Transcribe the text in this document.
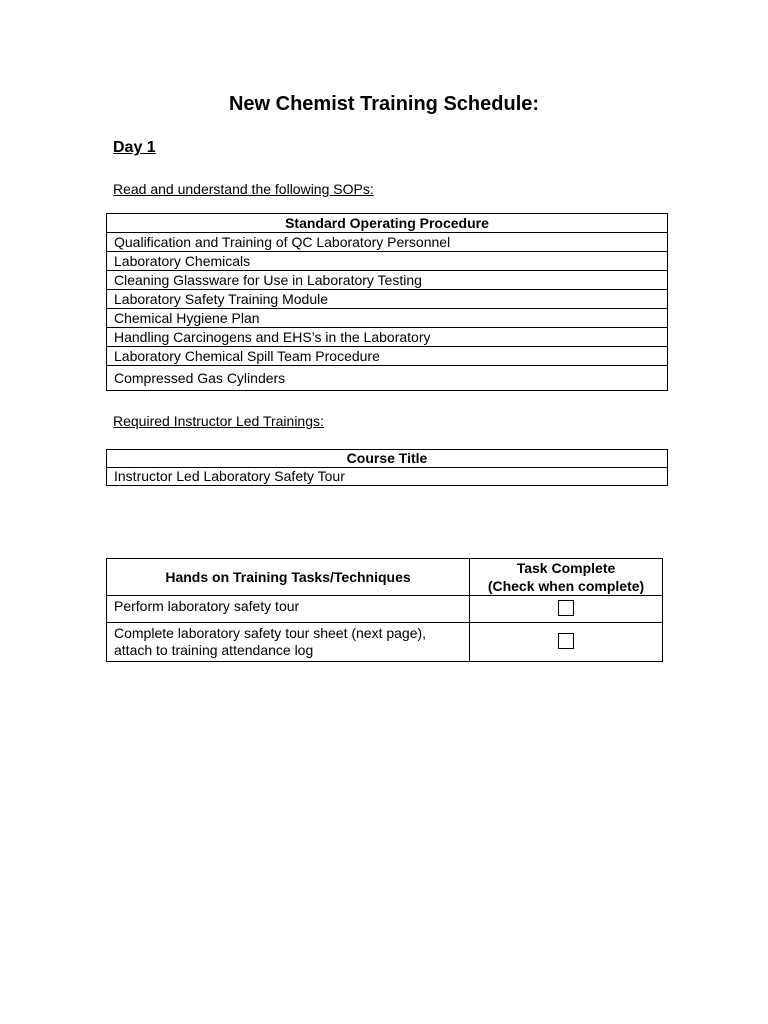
New Chemist Training Schedule:
Day 1
Read and understand the following SOPs:
Standard Operating Procedure
Qualification and Training of QC Laboratory Personnel
Laboratory Chemicals
Cleaning Glassware for Use in Laboratory Testing
Laboratory Safety Training Module
Chemical Hygiene Plan
Handling Carcinogens and EHS’s in the Laboratory
Laboratory Chemical Spill Team Procedure
Compressed Gas Cylinders
Required Instructor Led Trainings:
Course Title
Instructor Led Laboratory Safety Tour
Hands on Training Tasks/Techniques	Task Complete
(Check when complete)
Perform laboratory safety tour	
Complete laboratory safety tour sheet (next page),
attach to training attendance log	
